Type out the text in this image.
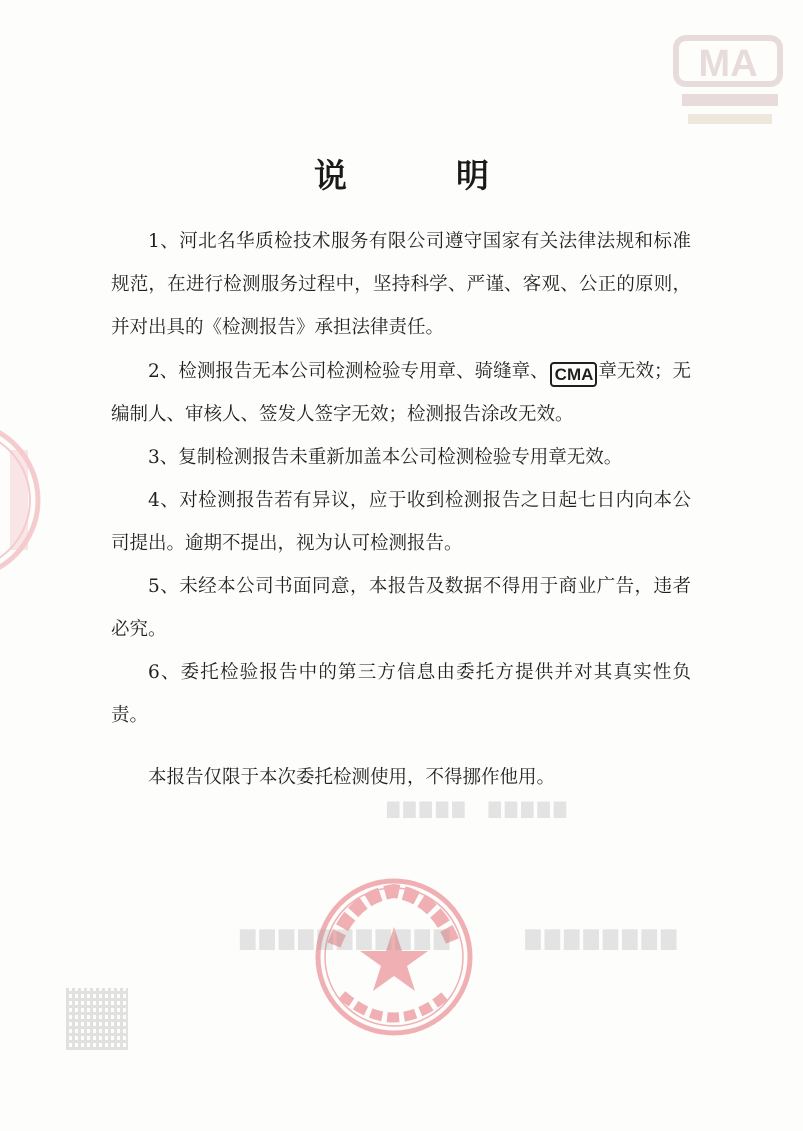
AM
▇▇▇▇▇▇▇▇　　　▇▇▇▇▇▇▇▇▇▇▇
▇▇▇▇▇　▇▇▇▇▇
说　明
1、河北名华质检技术服务有限公司遵守国家有关法律法规和标准规范，在进行检测服务过程中，坚持科学、严谨、客观、公正的原则，并对出具的《检测报告》承担法律责任。
2、检测报告无本公司检测检验专用章、骑缝章、 CMA 章无效；无编制人、审核人、签发人签字无效；检测报告涂改无效。
3、复制检测报告未重新加盖本公司检测检验专用章无效。
4、对检测报告若有异议，应于收到检测报告之日起七日内向本公司提出。逾期不提出，视为认可检测报告。
5、未经本公司书面同意，本报告及数据不得用于商业广告，违者必究。
6、委托检验报告中的第三方信息由委托方提供并对其真实性负责。
本报告仅限于本次委托检测使用，不得挪作他用。
